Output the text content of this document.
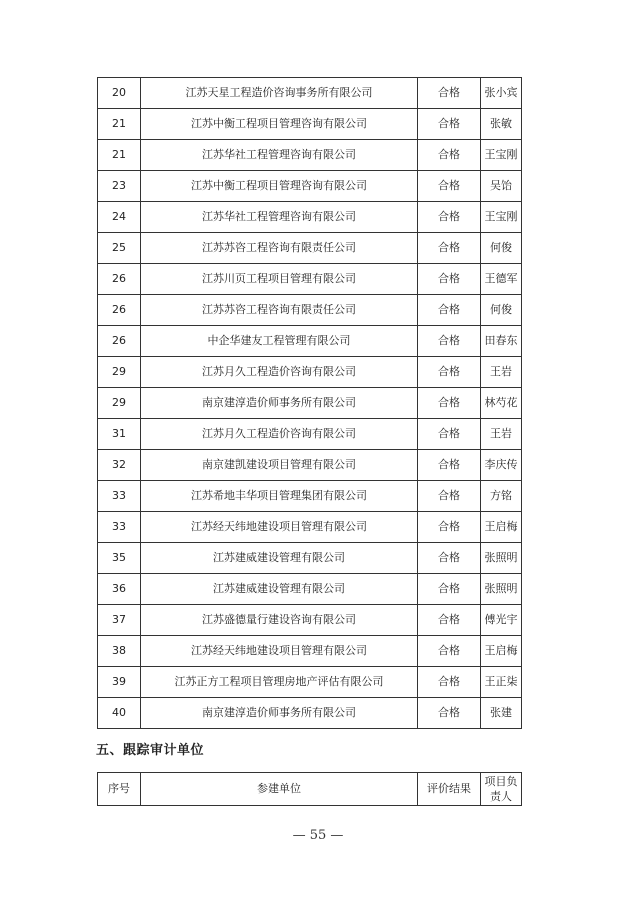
20	江苏天星工程造价咨询事务所有限公司	合格	张小宾
21	江苏中衡工程项目管理咨询有限公司	合格	张敏
21	江苏华社工程管理咨询有限公司	合格	王宝刚
23	江苏中衡工程项目管理咨询有限公司	合格	吴饴
24	江苏华社工程管理咨询有限公司	合格	王宝刚
25	江苏苏咨工程咨询有限责任公司	合格	何俊
26	江苏川页工程项目管理有限公司	合格	王德军
26	江苏苏咨工程咨询有限责任公司	合格	何俊
26	中企华建友工程管理有限公司	合格	田春东
29	江苏月久工程造价咨询有限公司	合格	王岩
29	南京建淳造价师事务所有限公司	合格	林芍花
31	江苏月久工程造价咨询有限公司	合格	王岩
32	南京建凯建设项目管理有限公司	合格	李庆传
33	江苏希地丰华项目管理集团有限公司	合格	方铭
33	江苏经天纬地建设项目管理有限公司	合格	王启梅
35	江苏建威建设管理有限公司	合格	张照明
36	江苏建威建设管理有限公司	合格	张照明
37	江苏盛德量行建设咨询有限公司	合格	傅光宇
38	江苏经天纬地建设项目管理有限公司	合格	王启梅
39	江苏正方工程项目管理房地产评估有限公司	合格	王正柒
40	南京建淳造价师事务所有限公司	合格	张建
五、跟踪审计单位
序号	参建单位	评价结果	项目负责人
— 55 —
